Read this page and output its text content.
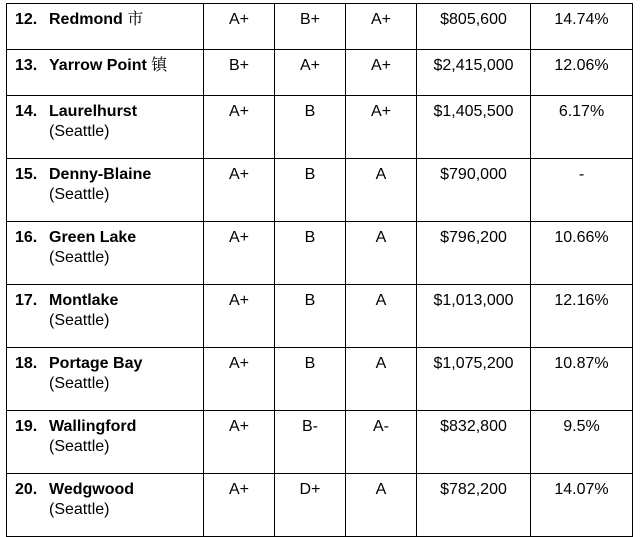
12. Redmond 市	A+	B+	A+	$805,600	14.74%
13. Yarrow Point 镇	B+	A+	A+	$2,415,000	12.06%
14. Laurelhurst
(Seattle)	A+	B	A+	$1,405,500	6.17%
15. Denny-Blaine
(Seattle)	A+	B	A	$790,000	-
16. Green Lake
(Seattle)	A+	B	A	$796,200	10.66%
17. Montlake
(Seattle)	A+	B	A	$1,013,000	12.16%
18. Portage Bay
(Seattle)	A+	B	A	$1,075,200	10.87%
19. Wallingford
(Seattle)	A+	B-	A-	$832,800	9.5%
20. Wedgwood
(Seattle)	A+	D+	A	$782,200	14.07%
